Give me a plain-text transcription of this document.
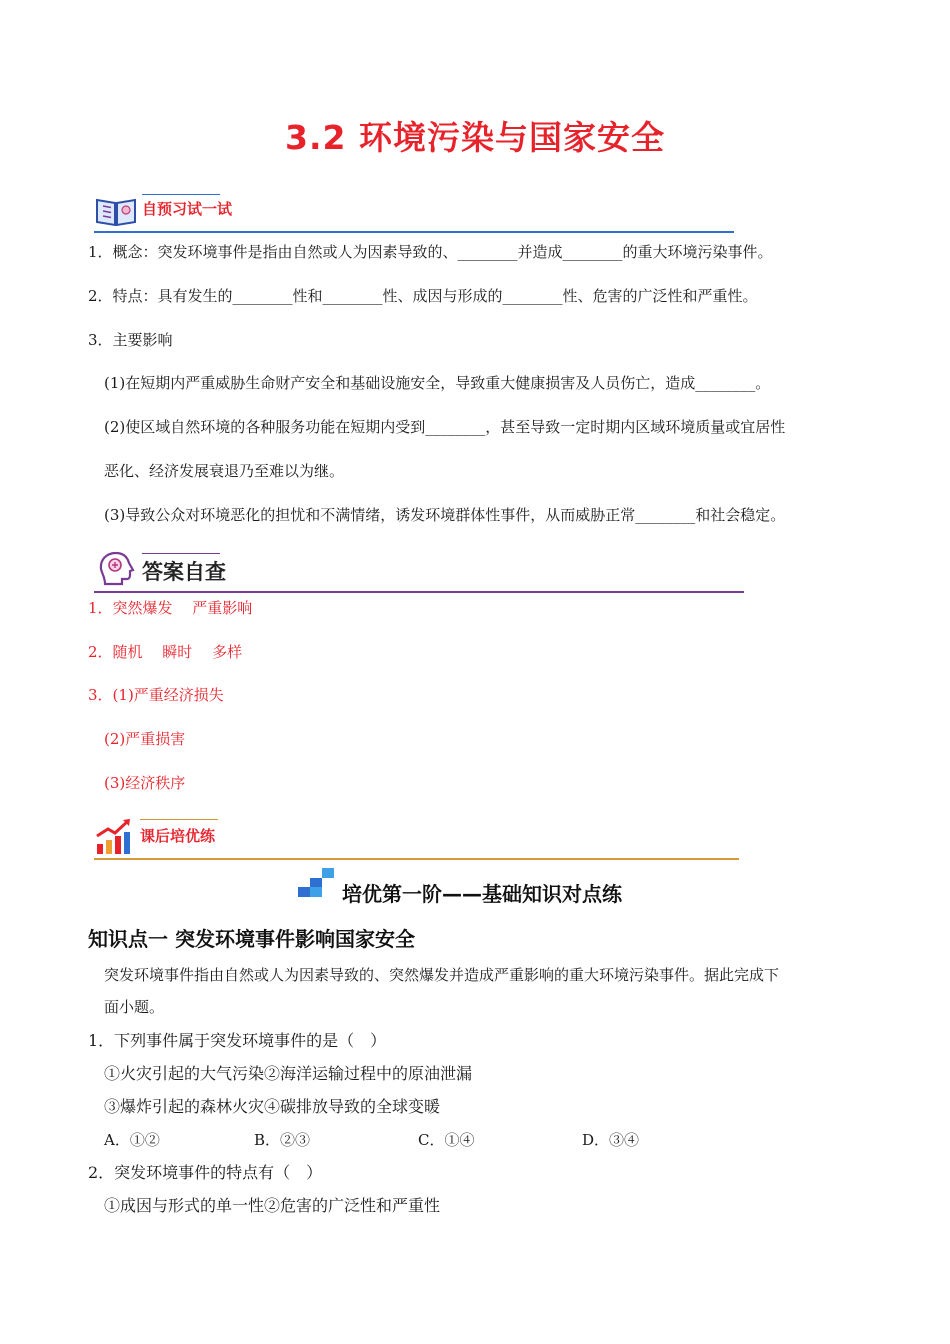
3.2 环境污染与国家安全
自预习试一试
1．概念：突发环境事件是指由自然或人为因素导致的、________并造成________的重大环境污染事件。
2．特点：具有发生的________性和________性、成因与形成的________性、危害的广泛性和严重性。
3．主要影响
(1)在短期内严重威胁生命财产安全和基础设施安全，导致重大健康损害及人员伤亡，造成________。
(2)使区域自然环境的各种服务功能在短期内受到________，甚至导致一定时期内区域环境质量或宜居性
恶化、经济发展衰退乃至难以为继。
(3)导致公众对环境恶化的担忧和不满情绪，诱发环境群体性事件，从而威胁正常________和社会稳定。
答案自查
1．突然爆发　 严重影响
2．随机　 瞬时　 多样
3．(1)严重经济损失
(2)严重损害
(3)经济秩序
课后培优练
培优第一阶——基础知识对点练
知识点一 突发环境事件影响国家安全
突发环境事件指由自然或人为因素导致的、突然爆发并造成严重影响的重大环境污染事件。据此完成下
面小题。
1．下列事件属于突发环境事件的是（　）
①火灾引起的大气污染②海洋运输过程中的原油泄漏
③爆炸引起的森林火灾④碳排放导致的全球变暖
A．①②	B．②③	C．①④	D．③④
2．突发环境事件的特点有（　）
①成因与形式的单一性②危害的广泛性和严重性
